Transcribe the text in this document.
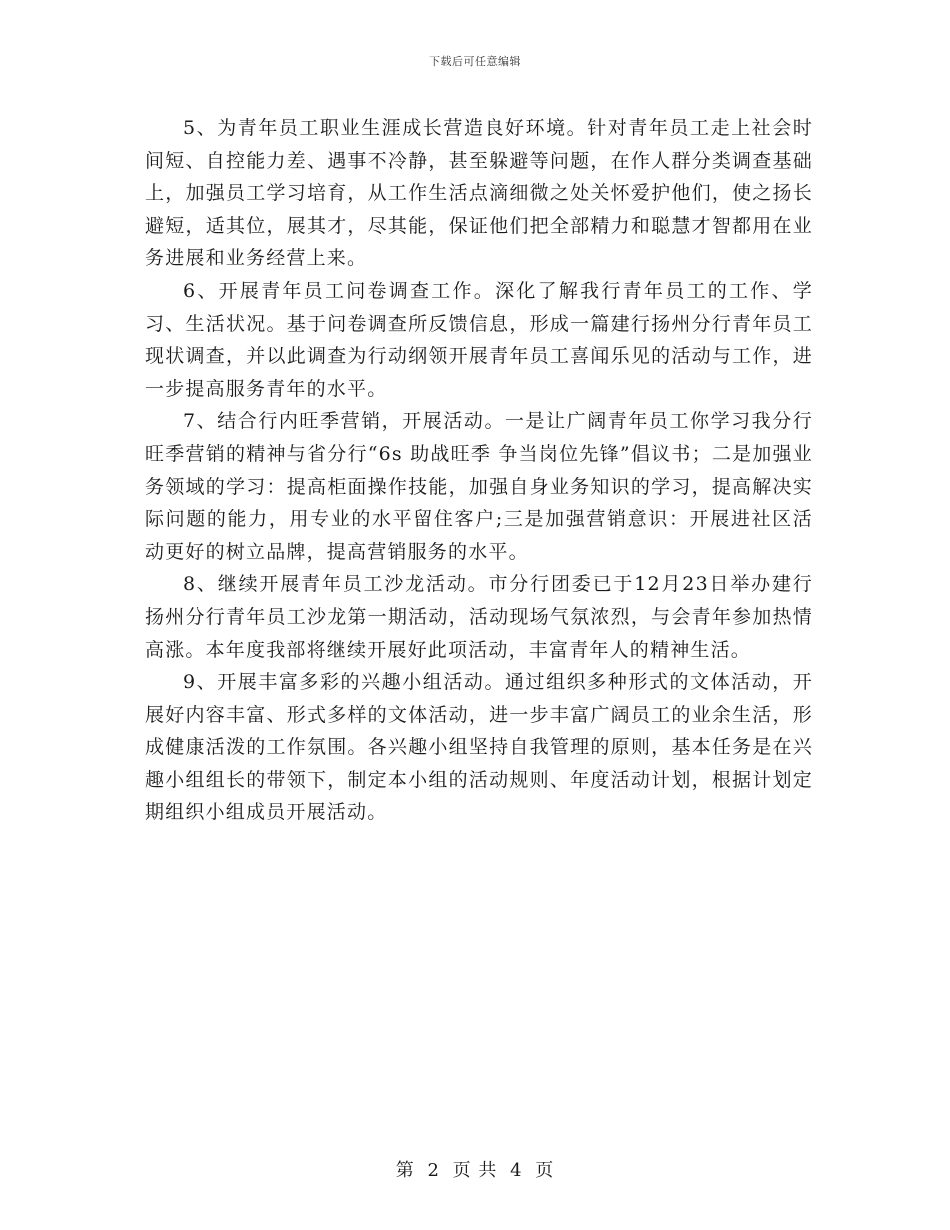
下载后可任意编辑

5、为青年员工职业生涯成长营造良好环境。针对青年员工走上社会时间短、自控能力差、遇事不冷静，甚至躲避等问题，在作人群分类调查基础上，加强员工学习培育，从工作生活点滴细微之处关怀爱护他们，使之扬长避短，适其位，展其才，尽其能，保证他们把全部精力和聪慧才智都用在业务进展和业务经营上来。

6、开展青年员工问卷调查工作。深化了解我行青年员工的工作、学习、生活状况。基于问卷调查所反馈信息，形成一篇建行扬州分行青年员工现状调查，并以此调查为行动纲领开展青年员工喜闻乐见的活动与工作，进一步提高服务青年的水平。

7、结合行内旺季营销，开展活动。一是让广阔青年员工你学习我分行旺季营销的精神与省分行“6s 助战旺季 争当岗位先锋”倡议书；二是加强业务领域的学习：提高柜面操作技能，加强自身业务知识的学习，提高解决实际问题的能力，用专业的水平留住客户;三是加强营销意识：开展进社区活动更好的树立品牌，提高营销服务的水平。

8、继续开展青年员工沙龙活动。市分行团委已于12月23日举办建行扬州分行青年员工沙龙第一期活动，活动现场气氛浓烈，与会青年参加热情高涨。本年度我部将继续开展好此项活动，丰富青年人的精神生活。

9、开展丰富多彩的兴趣小组活动。通过组织多种形式的文体活动，开展好内容丰富、形式多样的文体活动，进一步丰富广阔员工的业余生活，形成健康活泼的工作氛围。各兴趣小组坚持自我管理的原则，基本任务是在兴趣小组组长的带领下，制定本小组的活动规则、年度活动计划，根据计划定期组织小组成员开展活动。

第 2 页 共 4 页
